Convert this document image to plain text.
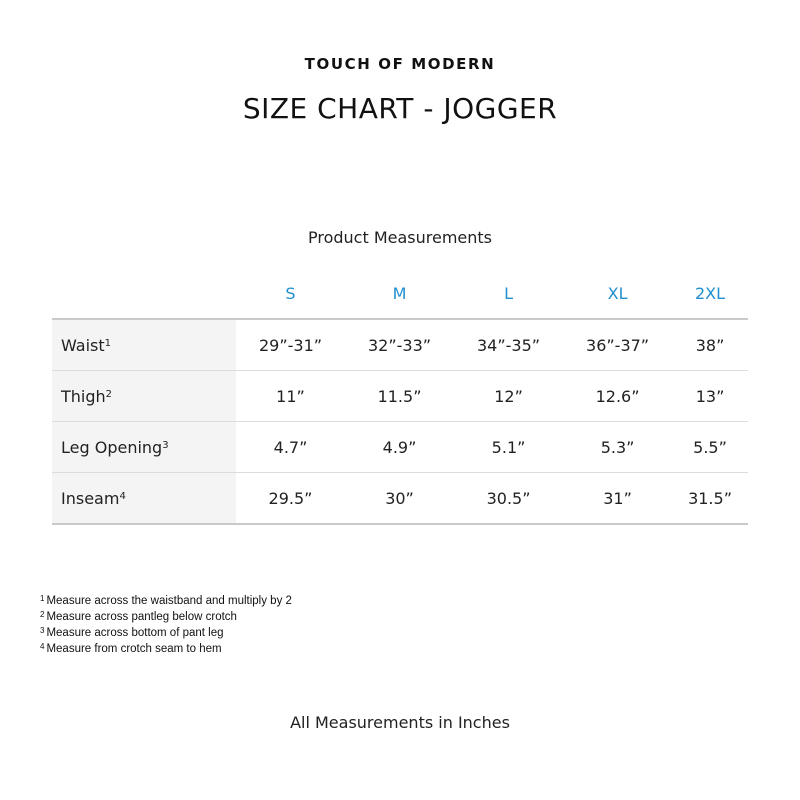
TOUCH OF MODERN
SIZE CHART - JOGGER
Product Measurements
	S	M	L	XL	2XL
Waist$^1$	29”-31”	32”-33”	34”-35”	36”-37”	38”
Thigh$^2$	11”	11.5”	12”	12.6”	13”
Leg Opening$^3$	4.7”	4.9”	5.1”	5.3”	5.5”
Inseam$^4$	29.5”	30”	30.5”	31”	31.5”
$^1$ Measure across the waistband and multiply by 2
$^2$ Measure across pantleg below crotch
$^3$ Measure across bottom of pant leg
$^4$ Measure from crotch seam to hem
All Measurements in Inches
